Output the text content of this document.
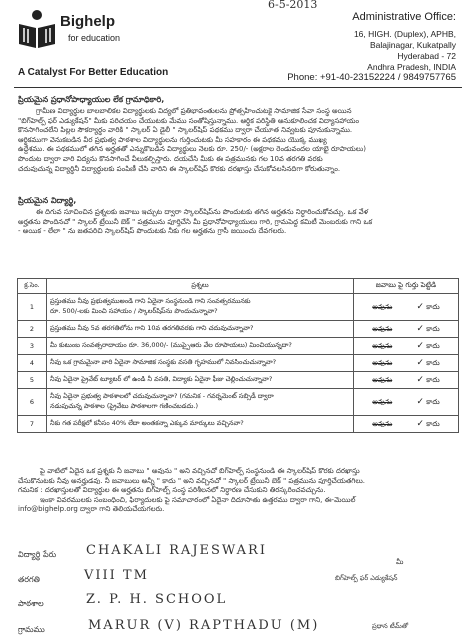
6-5-2013
Bighelp
for education
A Catalyst For Better Education
Administrative Office:
16, HIGH. (Duplex), APHB,
Balajinagar, Kukatpally
Hyderabad - 72
Andhra Pradesh, INDIA
Phone: +91-40-23152224 / 9849757765
ప్రియమైన ప్రధానోపాధ్యాయుల లేక గ్రామాధికారి,
గ్రామీణ విద్యార్థుల బాలబాలికల విద్యార్థులకు విద్యలో ప్రతిభావంతులను ప్రోత్సహించుటకై సామాజిక సేవా సంస్థ అయిన
"బిగ్‌హెల్ప్ ఫర్ ఎడ్యుకేషన్" మీకు పరిచయం చేయుటకు మేము సంతోషిస్తున్నాము. ఆర్థిక పరిస్థితి అనుకూలించక విద్యాసహాయం
కొనసాగించలేని పిల్లల సౌకర్యార్థం వారికి " స్కాలర్ ఏ డైలీ " స్కాలర్‌షిప్ పథకము ద్వారా చేయూత నివ్వటకు పూనుకున్నాము.
ఆర్థికముగా వెనుకబడిన వీర ప్రభుత్వ పాఠశాల విద్యార్థులను గుర్తించుటకు మీ సహకారం ఈ పథకము యొక్క ముఖ్య
ఉద్దేశము. ఈ పథకములో తగిన అర్హతతో ఎన్నుకొబడిన విద్యార్థులు నెలకు రూ. 250/- (అక్షరాల రెండువందల యాభై రూపాయలు)
పొందుట ద్వారా వారి విద్యను కొనసాగించే వీలుకల్పిస్తారు. దయచేసి మీకు ఈ పత్రమునకు గల 10వ తరగతి వరకు
చదువుచున్న విద్యార్థినీ విద్యార్థులకు పంపిణీ చేసి వారిని ఈ స్కాలర్‌షిప్ కొరకు దరఖాస్తు చేసుకోవలసినదిగా కోరుతున్నాం.
ప్రియమైన విద్యార్థి,
ఈ దిగువ సూచించిన ప్రశ్నలకు జవాబు ఇచ్చుట ద్వారా స్కాలర్‌షిప్‌ను పొందుటకు తగిన అర్హతను నిర్ధారించుకోవచ్చు. ఒక వేళ
అర్హతను పొందినచో " స్కాలర్ ట్రేయినీ బెక్ " పత్రమును పూర్తిచేసి మీ ప్రధానోపాధ్యాయులు గారి, గ్రామపెద్ద కమిటీ మెంబరుకు గాని ఒక
- అయిక - లేలా " ను జతపరిచి స్కాలర్‌షిప్ పొందుటకు నీకు గల అర్హతను గ్రాసీ జయించు దేవగలరు.
క్ర.సెం.	ప్రశ్నలు	జవాబు పై గుర్తు పెట్టిడి
1	ప్రస్తుతము నీవు ప్రభుత్వముఅండి గాని ఏదైనా సంస్థనుండి గాని సంవత్సరమునకు
రూ. 500/-లకు మించి సహాయం / స్కాలర్‌షిప్‌ను పొందుచున్నావా?	అవును ✓ కాదు
2	ప్రస్తుతము నీవు 5వ తరగతిలోను గాని 10వ తరగతివరకు గాని చదువుచున్నావా?	అవును ✓ కాదు
3	మీ కుటుంబ సంవత్సరాదాయం రూ. 36,000/- (ముప్పైఆరు వేల రూపాయలు) మించియున్నదా?	అవును ✓ కాదు
4	నీవు ఒక గ్రామమైనా వారి ఏదైనా సామాజిక సంస్థకు వసతి గృహములో నివసించుచున్నావా?	అవును ✓ కాదు
5	నీవు ఏదైనా ప్రైవేట్ ట్యూటర్ లో ఉండి నీ వసతి, విద్యాకు ఏదైనా ఫీజు చెల్లించుచున్నావా?	అవును ✓ కాదు
6	నీవు ఏదైనా ప్రభుత్వ పాఠశాలలో చదువుచున్నావా? (గమనిక - గవర్నమెంట్ సబ్సిడీ ద్వారా
నడుపుచున్న పాఠశాల (ప్రైవేటు పాఠశాలగా గణించబడదు.)	అవును ✓ కాదు
7	నీకు గత పరీక్షలో కనీసం 40% లేదా అంతకన్నా ఎక్కువ మార్కులు వచ్చినవా?	అవును ✓ కాదు
పై వాటిలో ఏదైన ఒక ప్రశ్నకు నీ జవాబు " అవును " అని వచ్చినచో బిగ్‌హెల్ప్ సంస్థనుండి ఈ స్కాలర్‌షిప్ కొరకు దరఖాస్తు
చేసుకొనుటకు నీవు అనర్హుడవు. నీ జవాబులు అన్నీ " కాదు " అని వచ్చినచో " స్కాలర్ ట్రేయినీ బెక్ " పత్రమును పూర్తిచేయతగిలు.
గమనిక : దరఖాస్తులతో విద్యార్థుల ఈ అర్హతను బిగ్‌హెల్ప్ సంస్థ పరిశీలనలో నిర్ధారణ చేసుకుని తిరస్కరించవచ్చును.
ఇంకా వివరములకు సంబంధించి, ఫిర్యాదులకు పై సమాచారంలో ఏదైనా దిదూసాతు ఉత్తరము ద్వారా గాని, ఈ-మెయిల్
info@bighelp.org ద్వారా గాని తెలియచేయగలరు.
విద్యార్థి పేరు CHAKALI RAJESWARI
తరగతి	VIII TM
పాఠశాల	Z. P. H. SCHOOL
గ్రామము	MARUR (V) RAPTHADU (M)
మీ
బిగ్‌హెల్ప్ ఫర్ ఎడ్యుకేషన్
ప్రధాన టీమ్‌తో
